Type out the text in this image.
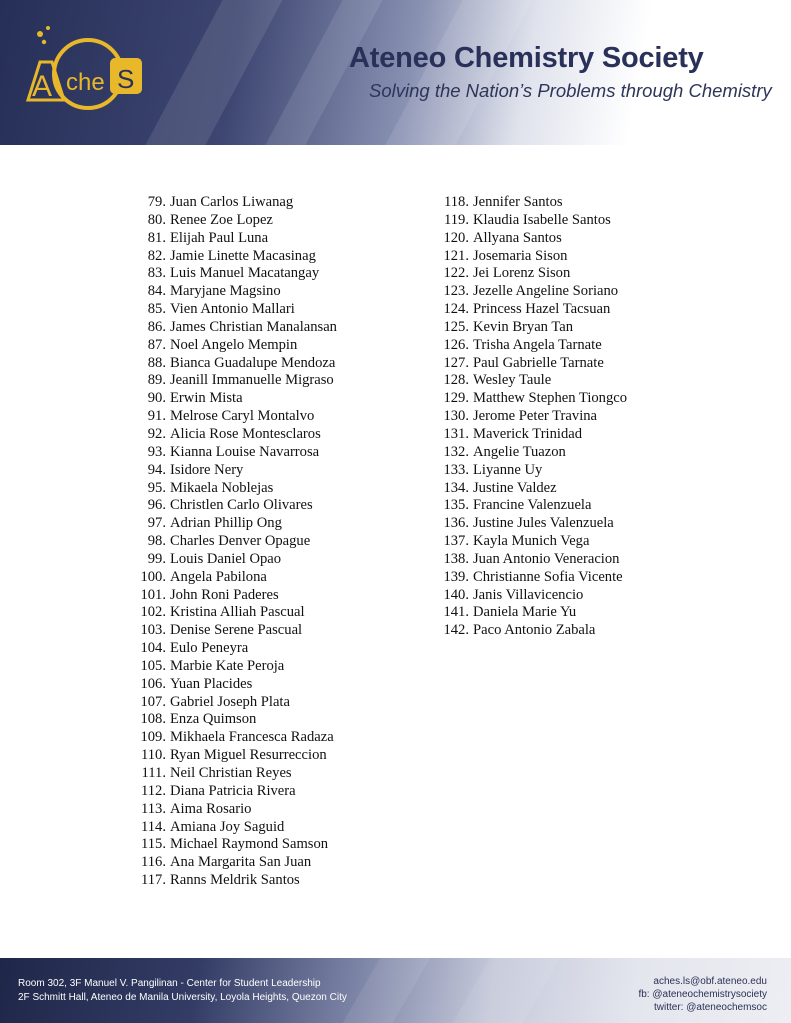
A che S
Ateneo Chemistry Society

Solving the Nation’s Problems through Chemistry

79. Juan Carlos Liwanag
80. Renee Zoe Lopez
81. Elijah Paul Luna
82. Jamie Linette Macasinag
83. Luis Manuel Macatangay
84. Maryjane Magsino
85. Vien Antonio Mallari
86. James Christian Manalansan
87. Noel Angelo Mempin
88. Bianca Guadalupe Mendoza
89. Jeanill Immanuelle Migraso
90. Erwin Mista
91. Melrose Caryl Montalvo
92. Alicia Rose Montesclaros
93. Kianna Louise Navarrosa
94. Isidore Nery
95. Mikaela Noblejas
96. Christlen Carlo Olivares
97. Adrian Phillip Ong
98. Charles Denver Opague
99. Louis Daniel Opao
100. Angela Pabilona
101. John Roni Paderes
102. Kristina Alliah Pascual
103. Denise Serene Pascual
104. Eulo Peneyra
105. Marbie Kate Peroja
106. Yuan Placides
107. Gabriel Joseph Plata
108. Enza Quimson
109. Mikhaela Francesca Radaza
110. Ryan Miguel Resurreccion
111. Neil Christian Reyes
112. Diana Patricia Rivera
113. Aima Rosario
114. Amiana Joy Saguid
115. Michael Raymond Samson
116. Ana Margarita San Juan
117. Ranns Meldrik Santos
118. Jennifer Santos
119. Klaudia Isabelle Santos
120. Allyana Santos
121. Josemaria Sison
122. Jei Lorenz Sison
123. Jezelle Angeline Soriano
124. Princess Hazel Tacsuan
125. Kevin Bryan Tan
126. Trisha Angela Tarnate
127. Paul Gabrielle Tarnate
128. Wesley Taule
129. Matthew Stephen Tiongco
130. Jerome Peter Travina
131. Maverick Trinidad
132. Angelie Tuazon
133. Liyanne Uy
134. Justine Valdez
135. Francine Valenzuela
136. Justine Jules Valenzuela
137. Kayla Munich Vega
138. Juan Antonio Veneracion
139. Christianne Sofia Vicente
140. Janis Villavicencio
141. Daniela Marie Yu
142. Paco Antonio Zabala

Room 302, 3F Manuel V. Pangilinan - Center for Student Leadership

2F Schmitt Hall, Ateneo de Manila University, Loyola Heights, Quezon City

aches.ls@obf.ateneo.edu

fb: @ateneochemistrysociety

twitter: @ateneochemsoc
